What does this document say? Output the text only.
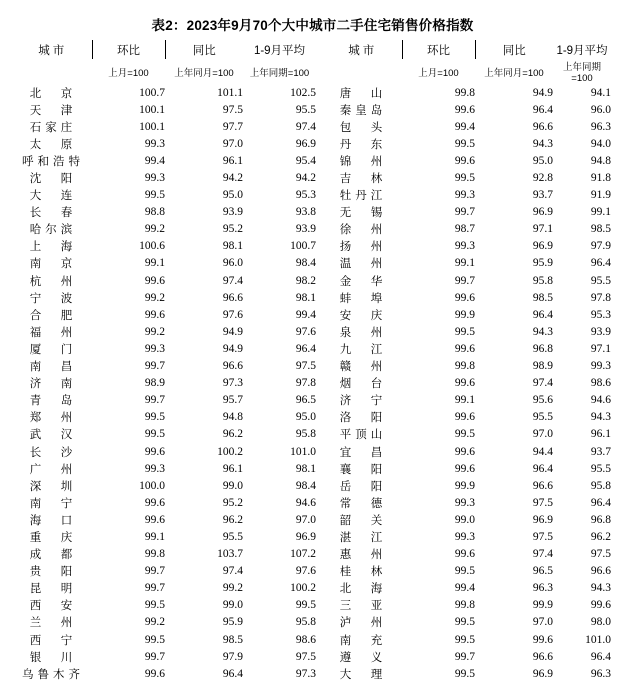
表2：2023年9月70个大中城市二手住宅销售价格指数
城市	环比	同比	1-9月平均		城市	环比	同比	1-9月平均
	上月=100	上年同月=100	上年同期=100			上月=100	上年同月=100	上年同期=100
北　京	100.7	101.1	102.5		唐　山	99.8	94.9	94.1
天　津	100.1	97.5	95.5		秦皇岛	99.6	96.4	96.0
石家庄	100.1	97.7	97.4		包　头	99.4	96.6	96.3
太　原	99.3	97.0	96.9		丹　东	99.5	94.3	94.0
呼和浩特	99.4	96.1	95.4		锦　州	99.6	95.0	94.8
沈　阳	99.3	94.2	94.2		吉　林	99.5	92.8	91.8
大　连	99.5	95.0	95.3		牡丹江	99.3	93.7	91.9
长　春	98.8	93.9	93.8		无　锡	99.7	96.9	99.1
哈尔滨	99.2	95.2	93.9		徐　州	98.7	97.1	98.5
上　海	100.6	98.1	100.7		扬　州	99.3	96.9	97.9
南　京	99.1	96.0	98.4		温　州	99.1	95.9	96.4
杭　州	99.6	97.4	98.2		金　华	99.7	95.8	95.5
宁　波	99.2	96.6	98.1		蚌　埠	99.6	98.5	97.8
合　肥	99.6	97.6	99.4		安　庆	99.9	96.4	95.3
福　州	99.2	94.9	97.6		泉　州	99.5	94.3	93.9
厦　门	99.3	94.9	96.4		九　江	99.6	96.8	97.1
南　昌	99.7	96.6	97.5		赣　州	99.8	98.9	99.3
济　南	98.9	97.3	97.8		烟　台	99.6	97.4	98.6
青　岛	99.7	95.7	96.5		济　宁	99.1	95.6	94.6
郑　州	99.5	94.8	95.0		洛　阳	99.6	95.5	94.3
武　汉	99.5	96.2	95.8		平顶山	99.5	97.0	96.1
长　沙	99.6	100.2	101.0		宜　昌	99.6	94.4	93.7
广　州	99.3	96.1	98.1		襄　阳	99.6	96.4	95.5
深　圳	100.0	99.0	98.4		岳　阳	99.9	96.6	95.8
南　宁	99.6	95.2	94.6		常　德	99.3	97.5	96.4
海　口	99.6	96.2	97.0		韶　关	99.0	96.9	96.8
重　庆	99.1	95.5	96.9		湛　江	99.3	97.5	96.2
成　都	99.8	103.7	107.2		惠　州	99.6	97.4	97.5
贵　阳	99.7	97.4	97.6		桂　林	99.5	96.5	96.6
昆　明	99.7	99.2	100.2		北　海	99.4	96.3	94.3
西　安	99.5	99.0	99.5		三　亚	99.8	99.9	99.6
兰　州	99.2	95.9	95.8		泸　州	99.5	97.0	98.0
西　宁	99.5	98.5	98.6		南　充	99.5	99.6	101.0
银　川	99.7	97.9	97.5		遵　义	99.7	96.6	96.4
乌鲁木齐	99.6	96.4	97.3		大　理	99.5	96.9	96.3
